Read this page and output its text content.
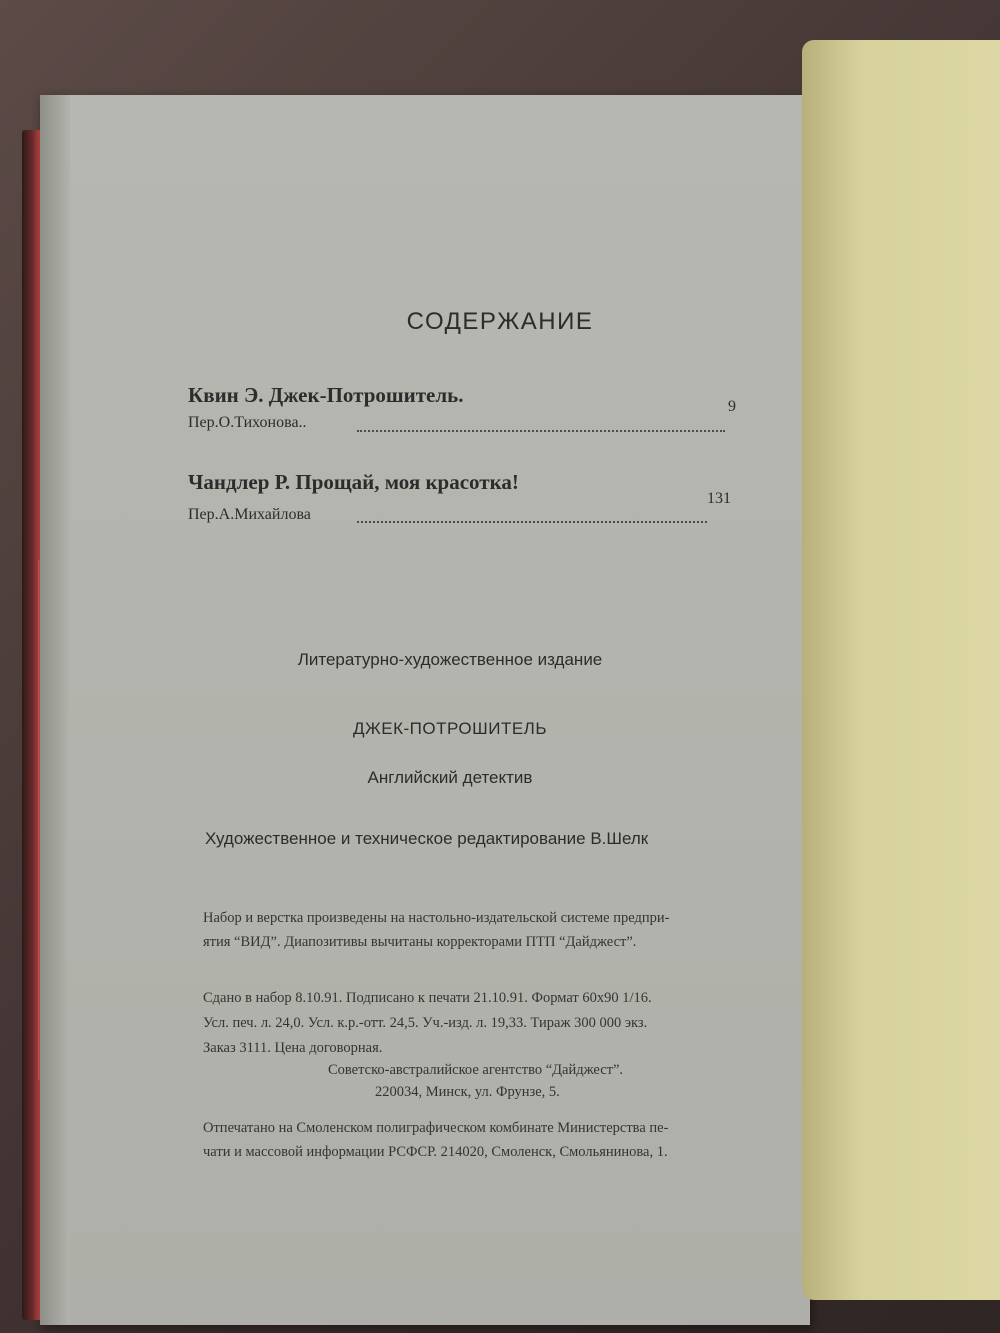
СОДЕРЖАНИЕ

Квин Э. Джек-Потрошитель.

Пер.О.Тихонова..

9

Чандлер Р. Прощай, моя красотка!

Пер.А.Михайлова

131

Литературно-художественное издание

ДЖЕК-ПОТРОШИТЕЛЬ

Английский детектив

Художественное и техническое редактирование В.Шелк

Набор и верстка произведены на настольно-издательской системе предпри-

ятия “ВИД”. Диапозитивы вычитаны корректорами ПТП “Дайджест”.

Сдано в набор 8.10.91. Подписано к печати 21.10.91. Формат 60х90 1/16.

Усл. печ. л. 24,0. Усл. к.р.-отт. 24,5. Уч.-изд. л. 19,33. Тираж 300 000 экз.

Заказ 3111. Цена договорная.

Советско-австралийское агентство “Дайджест”.

220034, Минск, ул. Фрунзе, 5.

Отпечатано на Смоленском полиграфическом комбинате Министерства пе-

чати и массовой информации РСФСР. 214020, Смоленск, Смольянинова, 1.
